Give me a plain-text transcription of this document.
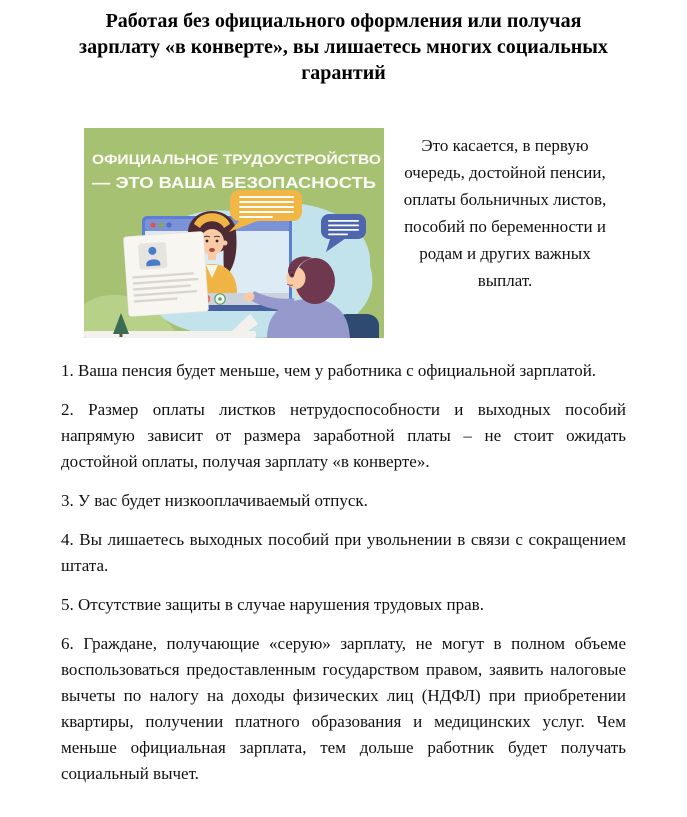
Работая без официального оформления или получая
зарплату «в конверте», вы лишаетесь многих социальных
гарантий
ОФИЦИАЛЬНОЕ ТРУДОУСТРОЙСТВО
— ЭТО ВАША БЕЗОПАСНОСТЬ
Это касается, в первую
очередь, достойной пенсии,
оплаты больничных листов,
пособий по беременности и
родам и других важных
выплат.

1. Ваша пенсия будет меньше, чем у работника с официальной зарплатой.

2. Размер оплаты листков нетрудоспособности и выходных пособий напрямую зависит от размера заработной платы – не стоит ожидать достойной оплаты, получая зарплату «в конверте».

3. У вас будет низкооплачиваемый отпуск.

4. Вы лишаетесь выходных пособий при увольнении в связи с сокращением штата.

5. Отсутствие защиты в случае нарушения трудовых прав.

6. Граждане, получающие «серую» зарплату, не могут в полном объеме воспользоваться предоставленным государством правом, заявить налоговые вычеты по налогу на доходы физических лиц (НДФЛ) при приобретении квартиры, получении платного образования и медицинских услуг. Чем меньше официальная зарплата, тем дольше работник будет получать социальный вычет.
